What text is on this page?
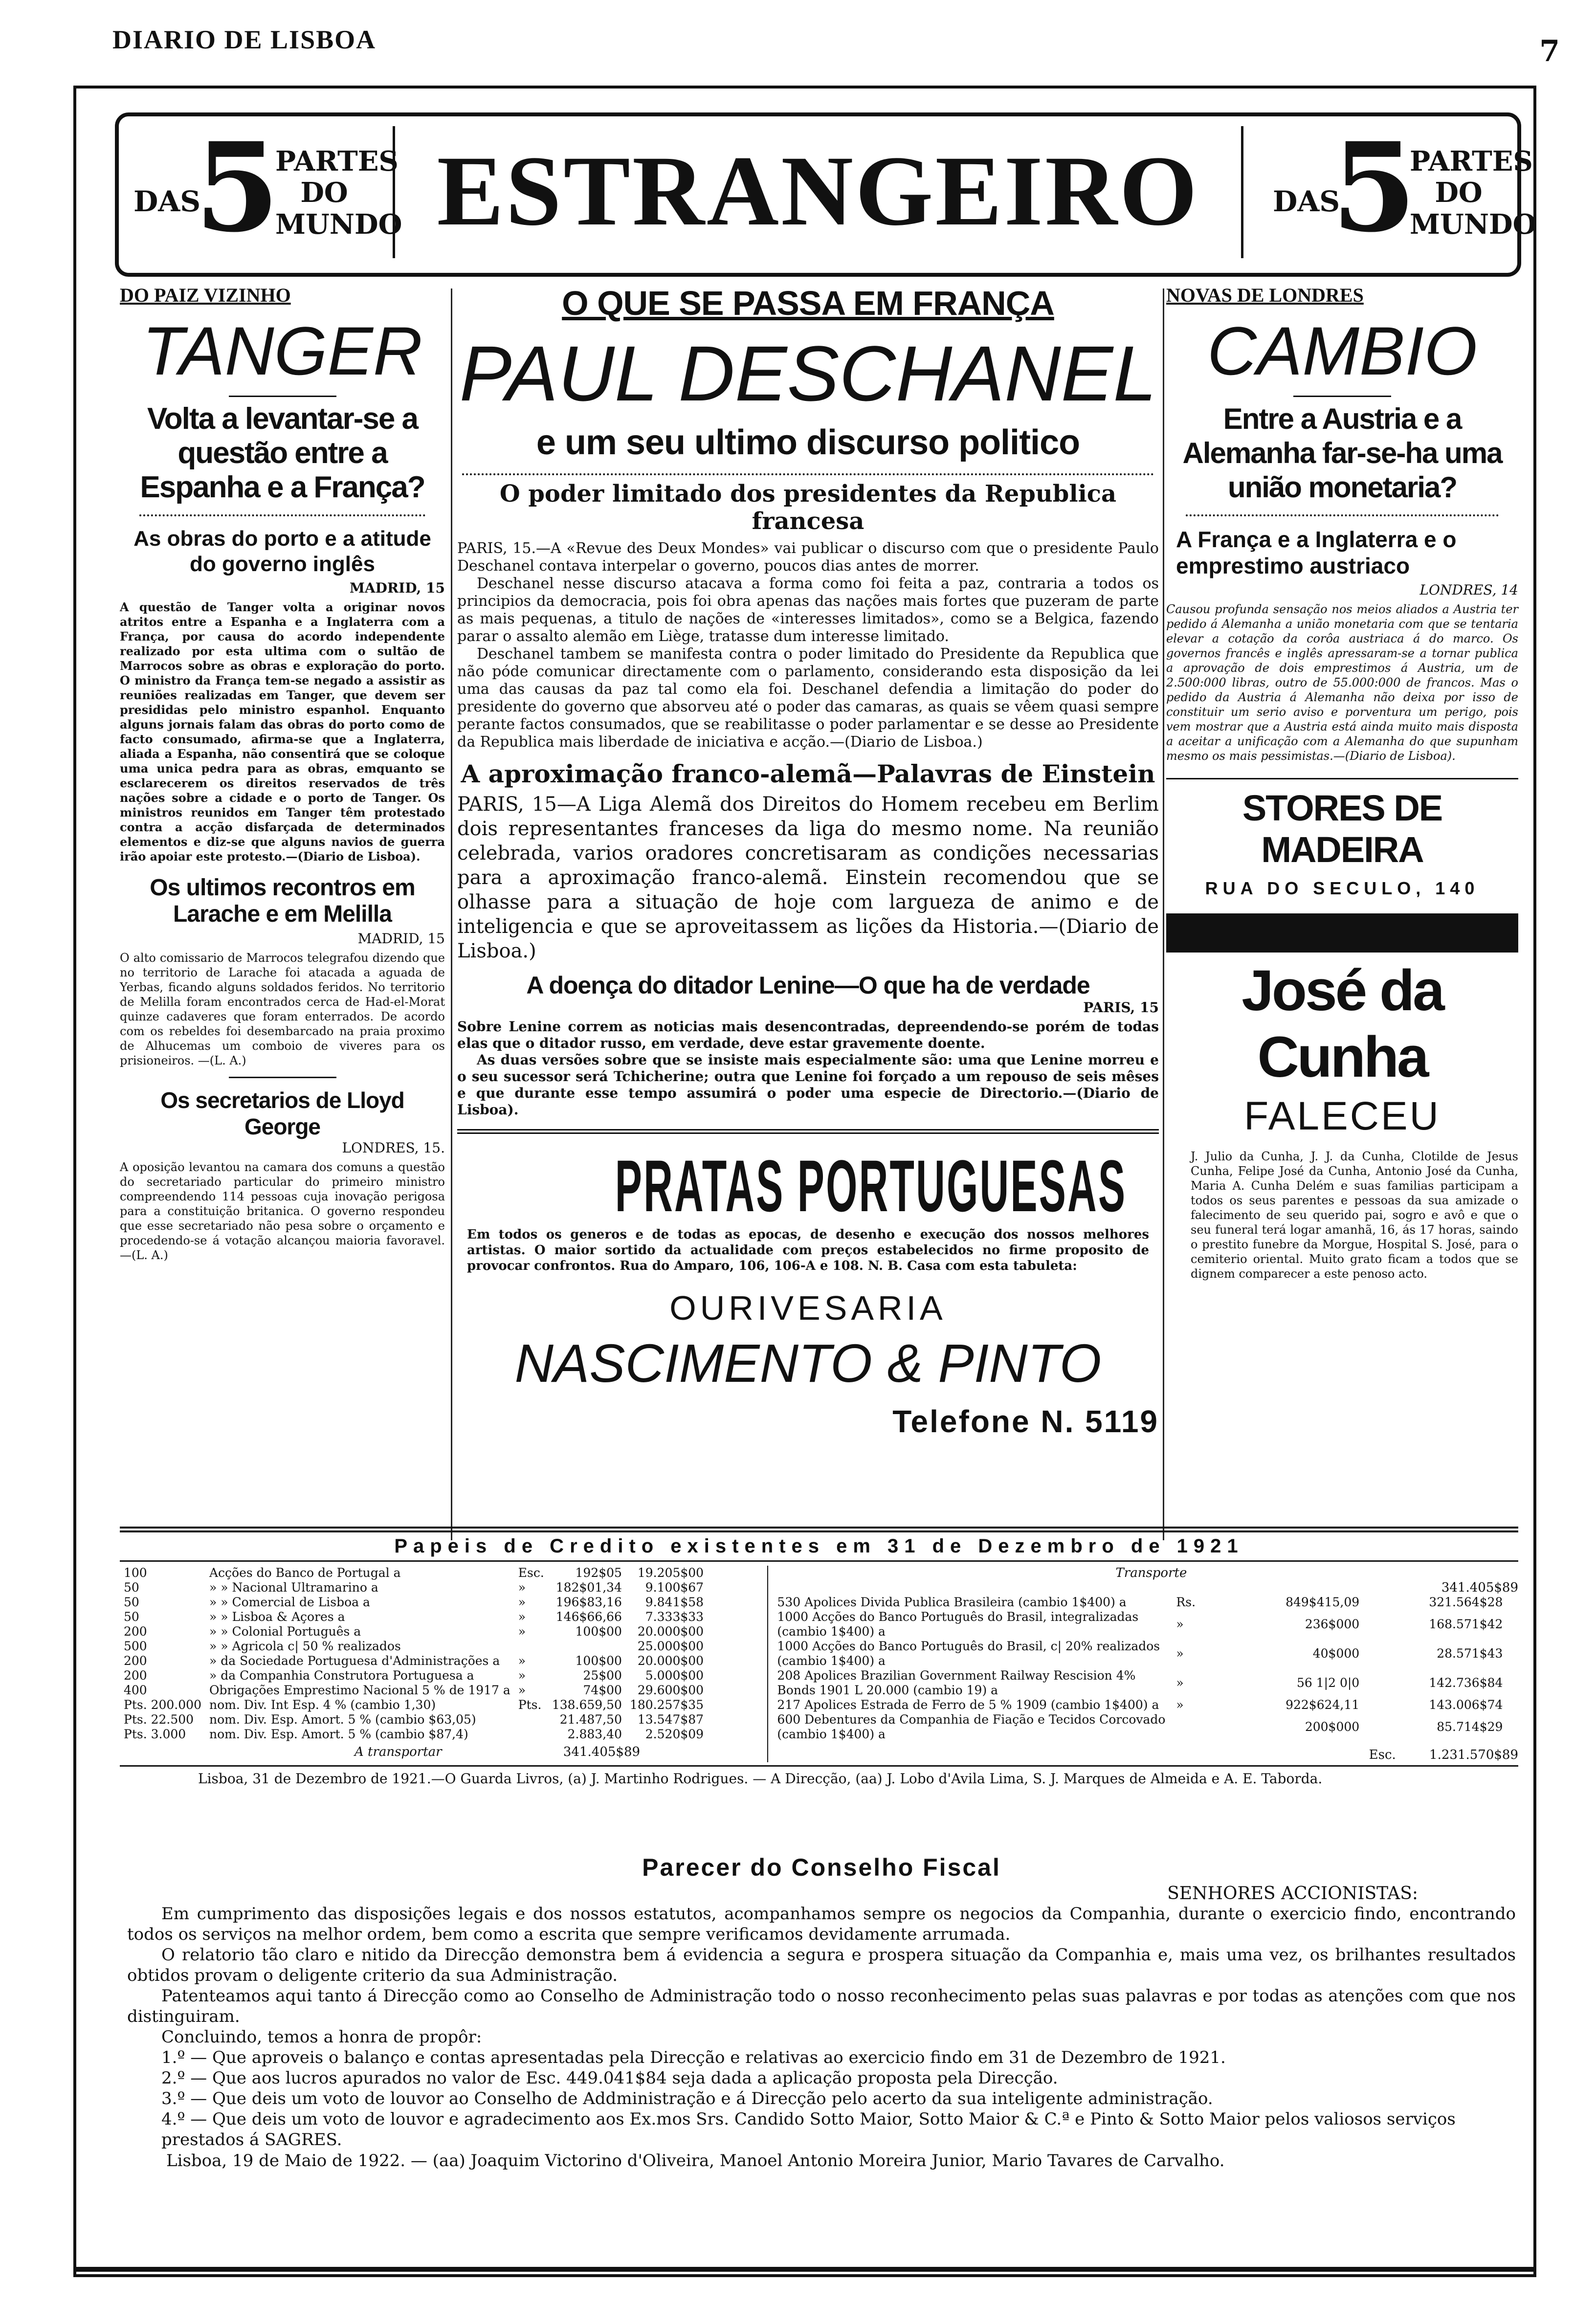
DIARIO DE LISBOA	7
DAS
5
PARTES
DO
MUNDO ESTRANGEIRO	DAS
5
PARTES
DO
MUNDO
DO PAIZ VIZINHO
TANGER
Volta a levantar-se a questão entre a Espanha e a França?
As obras do porto e a atitude do governo inglês
MADRID, 15

A questão de Tanger volta a originar novos atritos entre a Espanha e a Inglaterra com a França, por causa do acordo independente realizado por esta ultima com o sultão de Marrocos sobre as obras e exploração do porto. O ministro da França tem-se negado a assistir as reuniões realizadas em Tanger, que devem ser presididas pelo ministro espanhol. Enquanto alguns jornais falam das obras do porto como de facto consumado, afirma-se que a Inglaterra, aliada a Espanha, não consentirá que se coloque uma unica pedra para as obras, emquanto se esclarecerem os direitos reservados de três nações sobre a cidade e o porto de Tanger. Os ministros reunidos em Tanger têm protestado contra a acção disfarçada de determinados elementos e diz-se que alguns navios de guerra irão apoiar este protesto.—(Diario de Lisboa).

Os ultimos recontros em Larache e em Melilla
MADRID, 15

O alto comissario de Marrocos telegrafou dizendo que no territorio de Larache foi atacada a aguada de Yerbas, ficando alguns soldados feridos. No territorio de Melilla foram encontrados cerca de Had-el-Morat quinze cadaveres que foram enterrados. De acordo com os rebeldes foi desembarcado na praia proximo de Alhucemas um comboio de viveres para os prisioneiros. —(L. A.)

Os secretarios de Lloyd George
LONDRES, 15.

A oposição levantou na camara dos comuns a questão do secretariado particular do primeiro ministro compreendendo 114 pessoas cuja inovação perigosa para a constituição britanica. O governo respondeu que esse secretariado não pesa sobre o orçamento e procedendo-se á votação alcançou maioria favoravel.—(L. A.)

O QUE SE PASSA EM FRANÇA
PAUL DESCHANEL
e um seu ultimo discurso politico
O poder limitado dos presidentes da Republica francesa

PARIS, 15.—A «Revue des Deux Mondes» vai publicar o discurso com que o presidente Paulo Deschanel contava interpelar o governo, poucos dias antes de morrer.

Deschanel nesse discurso atacava a forma como foi feita a paz, contraria a todos os principios da democracia, pois foi obra apenas das nações mais fortes que puzeram de parte as mais pequenas, a titulo de nações de «interesses limitados», como se a Belgica, fazendo parar o assalto alemão em Liège, tratasse dum interesse limitado.

Deschanel tambem se manifesta contra o poder limitado do Presidente da Republica que não póde comunicar directamente com o parlamento, considerando esta disposição da lei uma das causas da paz tal como ela foi. Deschanel defendia a limitação do poder do presidente do governo que absorveu até o poder das camaras, as quais se vêem quasi sempre perante factos consumados, que se reabilitasse o poder parlamentar e se desse ao Presidente da Republica mais liberdade de iniciativa e acção.—(Diario de Lisboa.)

A aproximação franco-alemã—Palavras de Einstein

PARIS, 15—A Liga Alemã dos Direitos do Homem recebeu em Berlim dois representantes franceses da liga do mesmo nome. Na reunião celebrada, varios oradores concretisaram as condições necessarias para a aproximação franco-alemã. Einstein recomendou que se olhasse para a situação de hoje com largueza de animo e de inteligencia e que se aproveitassem as lições da Historia.—(Diario de Lisboa.)

A doença do ditador Lenine—O que ha de verdade
PARIS, 15

Sobre Lenine correm as noticias mais desencontradas, depreendendo-se porém de todas elas que o ditador russo, em verdade, deve estar gravemente doente.

As duas versões sobre que se insiste mais especialmente são: uma que Lenine morreu e o seu sucessor será Tchicherine; outra que Lenine foi forçado a um repouso de seis mêses e que durante esse tempo assumirá o poder uma especie de Directorio.—(Diario de Lisboa).

PRATAS PORTUGUESAS

Em todos os generos e de todas as epocas, de desenho e execução dos nossos melhores artistas. O maior sortido da actualidade com preços estabelecidos no firme proposito de provocar confrontos. Rua do Amparo, 106, 106-A e 108. N. B. Casa com esta tabuleta:

OURIVESARIA
NASCIMENTO & PINTO
Telefone N. 5119
NOVAS DE LONDRES
CAMBIO
Entre a Austria e a Alemanha far-se-ha uma união monetaria?
A França e a Inglaterra e o emprestimo austriaco
LONDRES, 14

Causou profunda sensação nos meios aliados a Austria ter pedido á Alemanha a união monetaria com que se tentaria elevar a cotação da corôa austriaca á do marco. Os governos francês e inglês apressaram-se a tornar publica a aprovação de dois emprestimos á Austria, um de 2.500:000 libras, outro de 55.000:000 de francos. Mas o pedido da Austria á Alemanha não deixa por isso de constituir um serio aviso e porventura um perigo, pois vem mostrar que a Austria está ainda muito mais disposta a aceitar a unificação com a Alemanha do que supunham mesmo os mais pessimistas.—(Diario de Lisboa).

STORES DE MADEIRA
RUA DO SECULO, 140
José da Cunha
FALECEU

J. Julio da Cunha, J. J. da Cunha, Clotilde de Jesus Cunha, Felipe José da Cunha, Antonio José da Cunha, Maria A. Cunha Delém e suas familias participam a todos os seus parentes e pessoas da sua amizade o falecimento de seu querido pai, sogro e avô e que o seu funeral terá logar amanhã, 16, ás 17 horas, saindo o prestito funebre da Morgue, Hospital S. José, para o cemiterio oriental. Muito grato ficam a todos que se dignem comparecer a este penoso acto.

Papeis de Credito existentes em 31 de Dezembro de 1921
100	Acções do Banco de Portugal a	Esc.	192$05	19.205$00
50	» » Nacional Ultramarino a	»	182$01,34	9.100$67
50	» » Comercial de Lisboa a	»	196$83,16	9.841$58
50	» » Lisboa & Açores a	»	146$66,66	7.333$33
200	» » Colonial Português a	»	100$00	20.000$00
500	» » Agricola c| 50 % realizados			25.000$00
200	» da Sociedade Portuguesa d'Administrações a	»	100$00	20.000$00
200	» da Companhia Construtora Portuguesa a	»	25$00	5.000$00
400	Obrigações Emprestimo Nacional 5 % de 1917 a	»	74$00	29.600$00
Pts. 200.000	nom. Div. Int Esp. 4 % (cambio 1,30)	Pts.	138.659,50	180.257$35
Pts. 22.500	nom. Div. Esp. Amort. 5 % (cambio $63,05)		21.487,50	13.547$87
Pts. 3.000	nom. Div. Esp. Amort. 5 % (cambio $87,4)		2.883,40	2.520$09
A transportar	341.405$89
Transporte
341.405$89
530 Apolices Divida Publica Brasileira (cambio 1$400) a	Rs.	849$415,09	321.564$28
1000 Acções do Banco Português do Brasil, integralizadas (cambio 1$400) a	»	236$000	168.571$42
1000 Acções do Banco Português do Brasil, c| 20% realizados (cambio 1$400) a	»	40$000	28.571$43
208 Apolices Brazilian Government Railway Rescision 4% Bonds 1901 L 20.000 (cambio 19) a	»	56 1|2 0|0	142.736$84
217 Apolices Estrada de Ferro de 5 % 1909 (cambio 1$400) a	»	922$624,11	143.006$74
600 Debentures da Companhia de Fiação e Tecidos Corcovado (cambio 1$400) a		200$000	85.714$29
Esc.	1.231.570$89
Lisboa, 31 de Dezembro de 1921.—O Guarda Livros, (a) J. Martinho Rodrigues. — A Direcção, (aa) J. Lobo d'Avila Lima, S. J. Marques de Almeida e A. E. Taborda.
Parecer do Conselho Fiscal
SENHORES ACCIONISTAS:

Em cumprimento das disposições legais e dos nossos estatutos, acompanhamos sempre os negocios da Companhia, durante o exercicio findo, encontrando todos os serviços na melhor ordem, bem como a escrita que sempre verificamos devidamente arrumada.

O relatorio tão claro e nitido da Direcção demonstra bem á evidencia a segura e prospera situação da Companhia e, mais uma vez, os brilhantes resultados obtidos provam o deligente criterio da sua Administração.

Patenteamos aqui tanto á Direcção como ao Conselho de Administração todo o nosso reconhecimento pelas suas palavras e por todas as atenções com que nos distinguiram.

Concluindo, temos a honra de propôr:

1.º — Que aproveis o balanço e contas apresentadas pela Direcção e relativas ao exercicio findo em 31 de Dezembro de 1921.

2.º — Que aos lucros apurados no valor de Esc. 449.041$84 seja dada a aplicação proposta pela Direcção.

3.º — Que deis um voto de louvor ao Conselho de Addministração e á Direcção pelo acerto da sua inteligente administração.

4.º — Que deis um voto de louvor e agradecimento aos Ex.mos Srs. Candido Sotto Maior, Sotto Maior & C.ª e Pinto & Sotto Maior pelos valiosos serviços prestados á SAGRES.

Lisboa, 19 de Maio de 1922. — (aa) Joaquim Victorino d'Oliveira, Manoel Antonio Moreira Junior, Mario Tavares de Carvalho.
